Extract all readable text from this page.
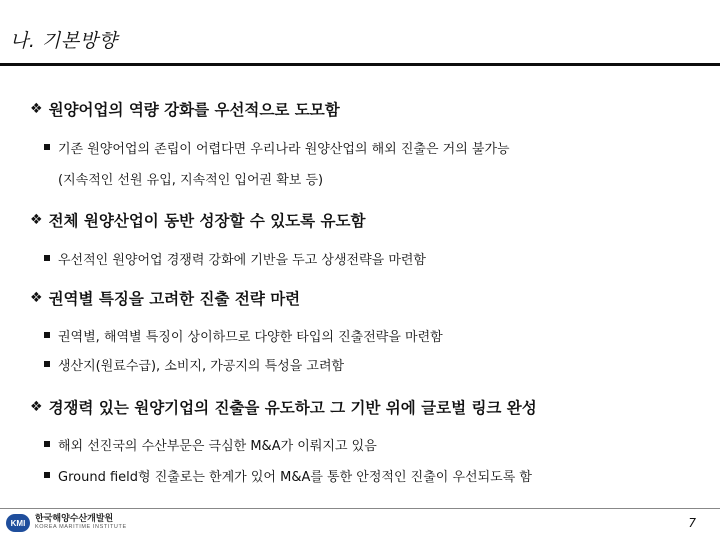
나. 기본방향
❖ 원양어업의 역량 강화를 우선적으로 도모함
기존 원양어업의 존립이 어렵다면 우리나라 원양산업의 해외 진출은 거의 불가능
(지속적인 선원 유입, 지속적인 입어권 확보 등)
❖ 전체 원양산업이 동반 성장할 수 있도록 유도함
우선적인 원양어업 경쟁력 강화에 기반을 두고 상생전략을 마련함
❖ 권역별 특징을 고려한 진출 전략 마련
권역별, 해역별 특징이 상이하므로 다양한 타입의 진출전략을 마련함
생산지(원료수급), 소비지, 가공지의 특성을 고려함
❖ 경쟁력 있는 원양기업의 진출을 유도하고 그 기반 위에 글로벌 링크 완성
해외 선진국의 수산부문은 극심한 M&A가 이뤄지고 있음
Ground field형 진출로는 한계가 있어 M&A를 통한 안정적인 진출이 우선되도록 함
KMI	한국해양수산개발원
KOREA MARITIME INSTITUTE	7
